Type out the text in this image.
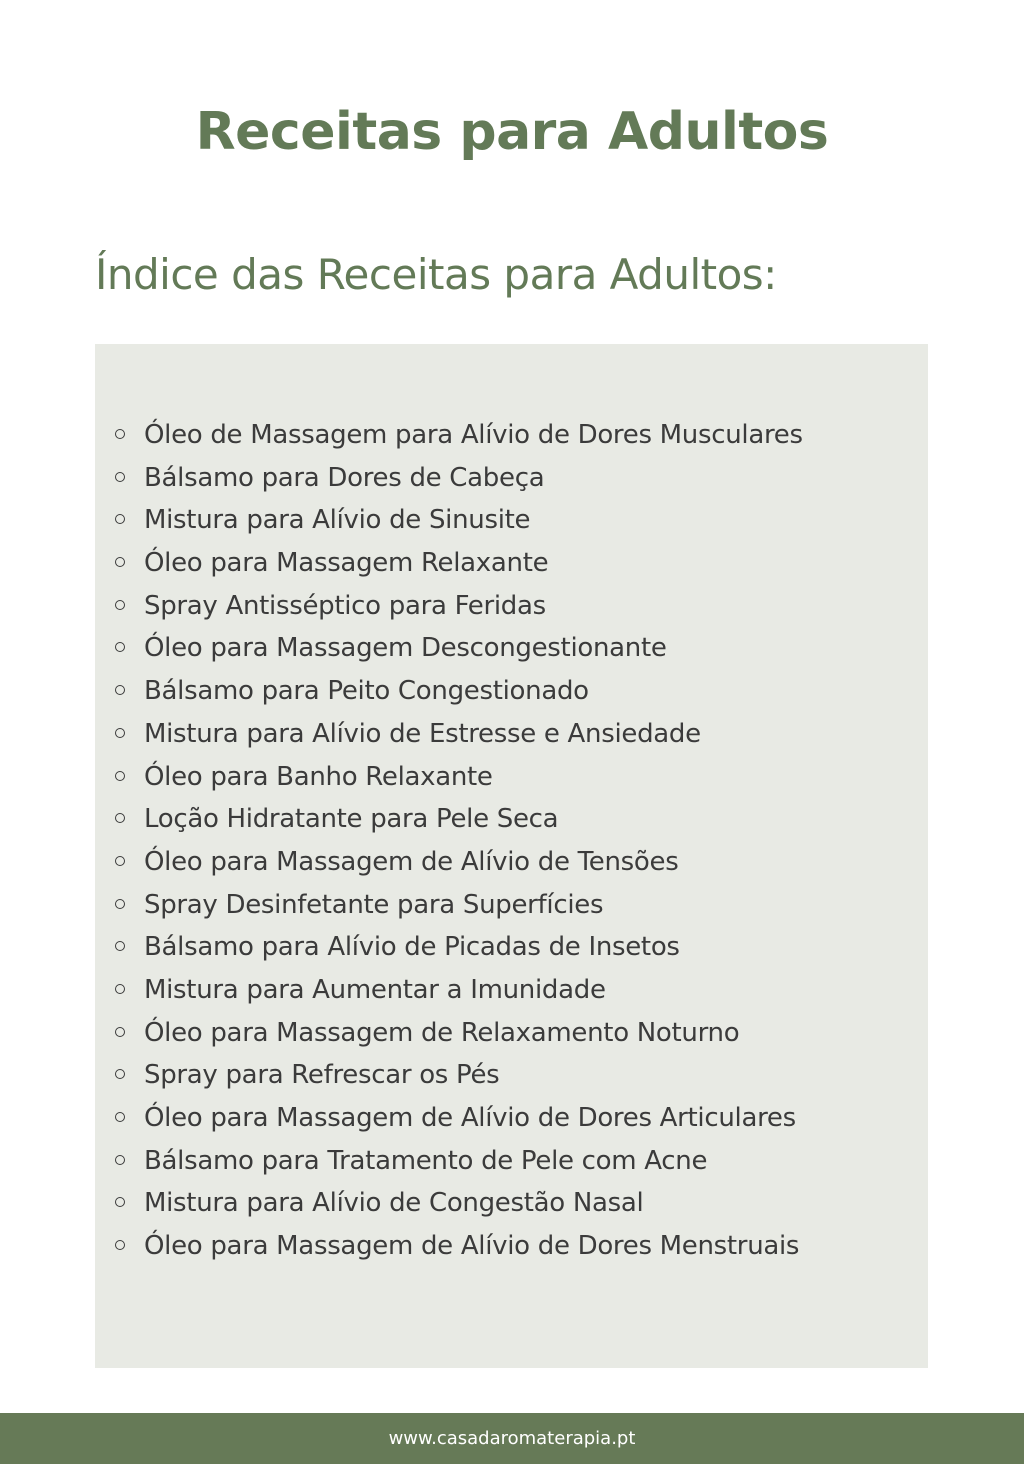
Receitas para Adultos
Índice das Receitas para Adultos:
Óleo de Massagem para Alívio de Dores Musculares
Bálsamo para Dores de Cabeça
Mistura para Alívio de Sinusite
Óleo para Massagem Relaxante
Spray Antisséptico para Feridas
Óleo para Massagem Descongestionante
Bálsamo para Peito Congestionado
Mistura para Alívio de Estresse e Ansiedade
Óleo para Banho Relaxante
Loção Hidratante para Pele Seca
Óleo para Massagem de Alívio de Tensões
Spray Desinfetante para Superfícies
Bálsamo para Alívio de Picadas de Insetos
Mistura para Aumentar a Imunidade
Óleo para Massagem de Relaxamento Noturno
Spray para Refrescar os Pés
Óleo para Massagem de Alívio de Dores Articulares
Bálsamo para Tratamento de Pele com Acne
Mistura para Alívio de Congestão Nasal
Óleo para Massagem de Alívio de Dores Menstruais
www.casadaromaterapia.pt
